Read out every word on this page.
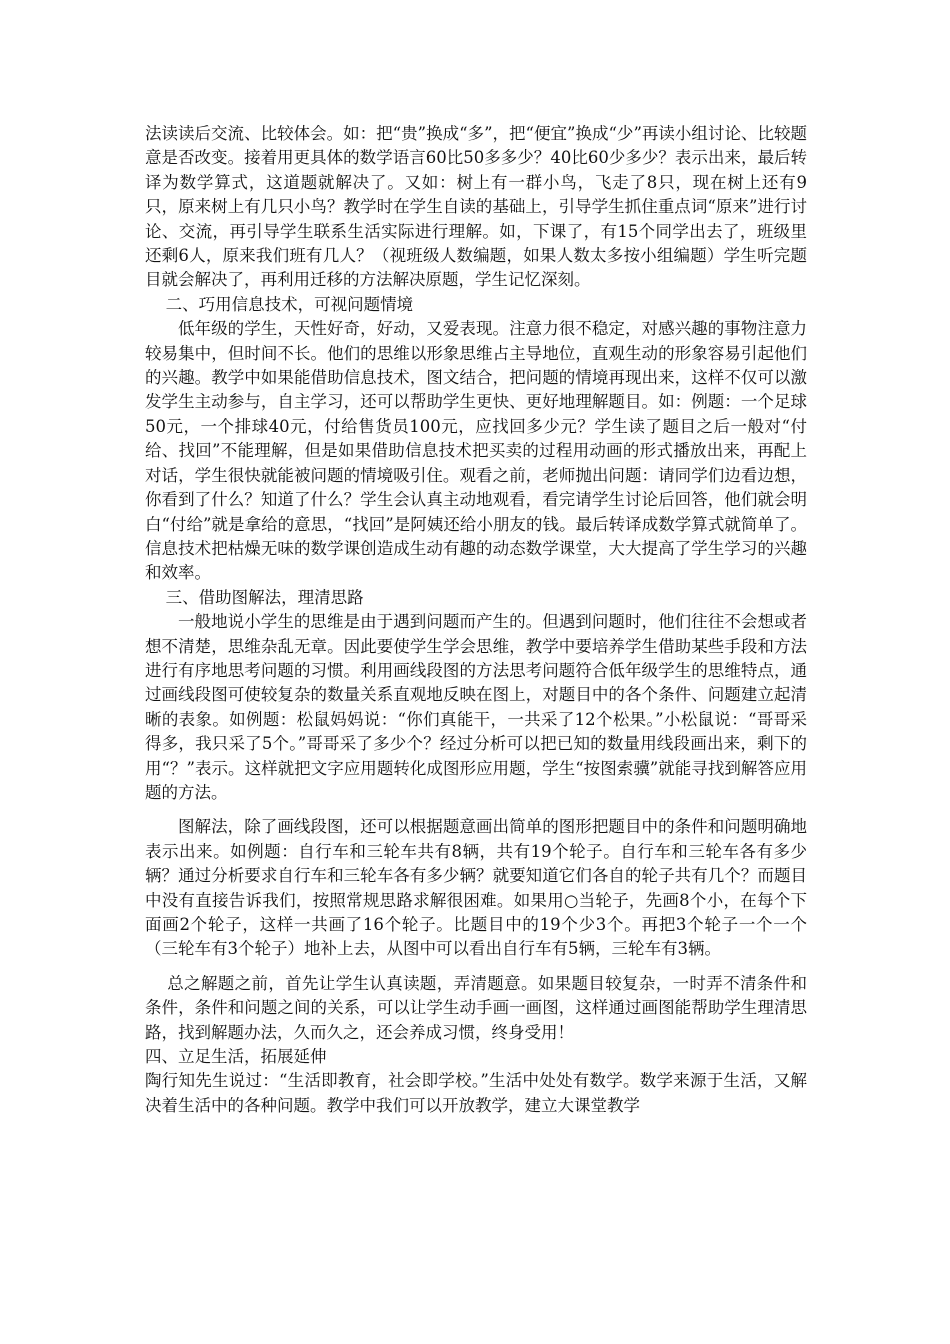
法读读后交流、比较体会。如：把“贵”换成“多”，把“便宜”换成“少”再读小组讨论、比较题意是否改变。接着用更具体的数学语言60比50多多少？40比60少多少？表示出来，最后转译为数学算式，这道题就解决了。又如：树上有一群小鸟，飞走了8只，现在树上还有9只，原来树上有几只小鸟？教学时在学生自读的基础上，引导学生抓住重点词“原来”进行讨论、交流，再引导学生联系生活实际进行理解。如，下课了，有15个同学出去了，班级里还剩6人，原来我们班有几人？（视班级人数编题，如果人数太多按小组编题）学生听完题目就会解决了，再利用迁移的方法解决原题，学生记忆深刻。

二、巧用信息技术，可视问题情境

低年级的学生，天性好奇，好动，又爱表现。注意力很不稳定，对感兴趣的事物注意力较易集中，但时间不长。他们的思维以形象思维占主导地位，直观生动的形象容易引起他们的兴趣。教学中如果能借助信息技术，图文结合，把问题的情境再现出来，这样不仅可以激发学生主动参与，自主学习，还可以帮助学生更快、更好地理解题目。如：例题：一个足球50元，一个排球40元，付给售货员100元，应找回多少元？学生读了题目之后一般对“付给、找回”不能理解，但是如果借助信息技术把买卖的过程用动画的形式播放出来，再配上对话，学生很快就能被问题的情境吸引住。观看之前，老师抛出问题：请同学们边看边想，你看到了什么？知道了什么？学生会认真主动地观看，看完请学生讨论后回答，他们就会明白“付给”就是拿给的意思，“找回”是阿姨还给小朋友的钱。最后转译成数学算式就简单了。信息技术把枯燥无味的数学课创造成生动有趣的动态数学课堂，大大提高了学生学习的兴趣和效率。

三、借助图解法，理清思路

一般地说小学生的思维是由于遇到问题而产生的。但遇到问题时，他们往往不会想或者想不清楚，思维杂乱无章。因此要使学生学会思维，教学中要培养学生借助某些手段和方法进行有序地思考问题的习惯。利用画线段图的方法思考问题符合低年级学生的思维特点，通过画线段图可使较复杂的数量关系直观地反映在图上，对题目中的各个条件、问题建立起清晰的表象。如例题：松鼠妈妈说：“你们真能干，一共采了12个松果。”小松鼠说：“哥哥采得多，我只采了5个。”哥哥采了多少个？经过分析可以把已知的数量用线段画出来，剩下的用“？”表示。这样就把文字应用题转化成图形应用题，学生“按图索骥”就能寻找到解答应用题的方法。

图解法，除了画线段图，还可以根据题意画出简单的图形把题目中的条件和问题明确地表示出来。如例题：自行车和三轮车共有8辆，共有19个轮子。自行车和三轮车各有多少辆？通过分析要求自行车和三轮车各有多少辆？就要知道它们各自的轮子共有几个？而题目中没有直接告诉我们，按照常规思路求解很困难。如果用○当轮子，先画8个小，在每个下面画2个轮子，这样一共画了16个轮子。比题目中的19个少3个。再把3个轮子一个一个（三轮车有3个轮子）地补上去，从图中可以看出自行车有5辆，三轮车有3辆。

总之解题之前，首先让学生认真读题，弄清题意。如果题目较复杂，一时弄不清条件和条件，条件和问题之间的关系，可以让学生动手画一画图，这样通过画图能帮助学生理清思路，找到解题办法，久而久之，还会养成习惯，终身受用！

四、立足生活，拓展延伸

陶行知先生说过：“生活即教育，社会即学校。”生活中处处有数学。数学来源于生活，又解决着生活中的各种问题。教学中我们可以开放教学，建立大课堂教学
